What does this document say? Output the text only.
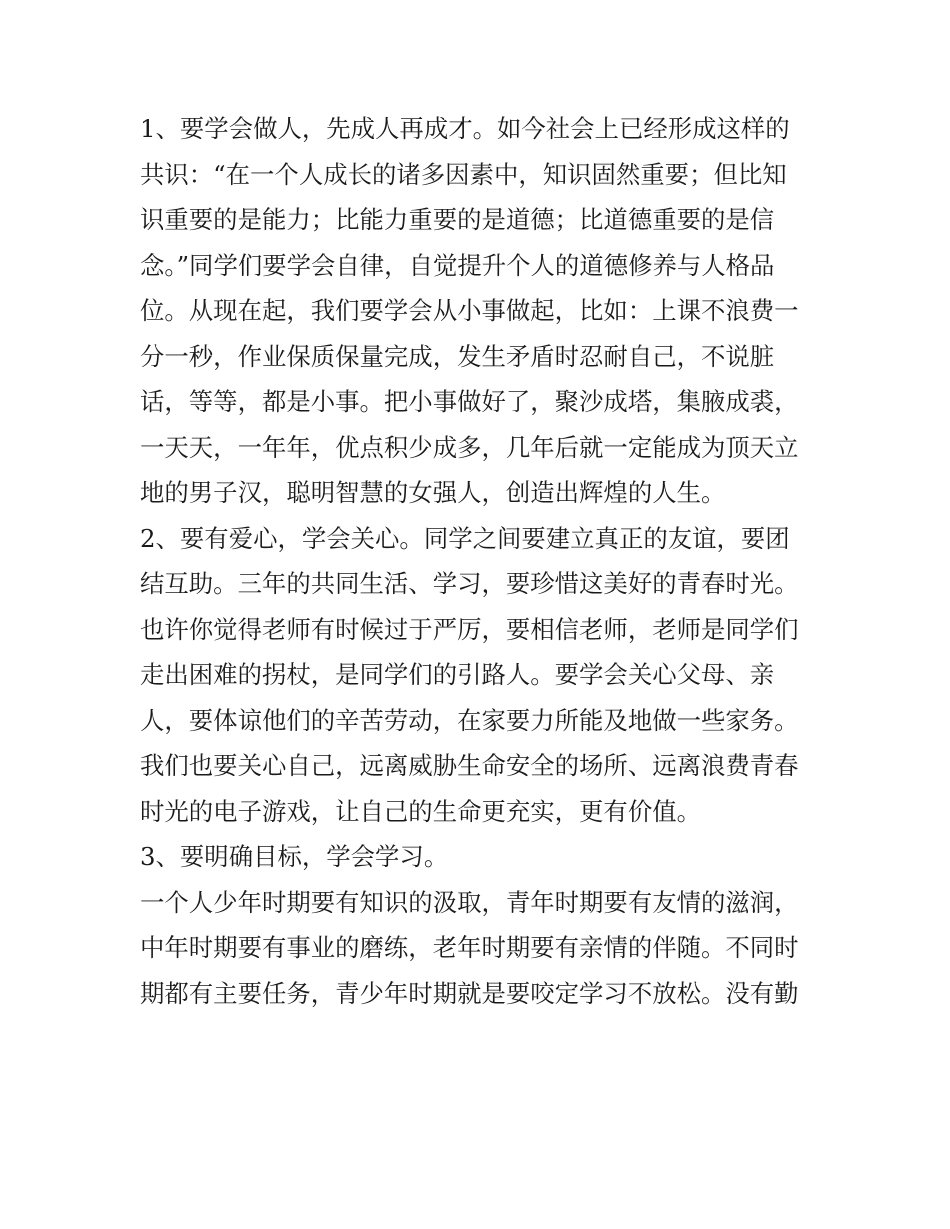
1、要学会做人，先成人再成才。如今社会上已经形成这样的
共识：“在一个人成长的诸多因素中，知识固然重要；但比知
识重要的是能力；比能力重要的是道德；比道德重要的是信
念。”同学们要学会自律，自觉提升个人的道德修养与人格品
位。从现在起，我们要学会从小事做起，比如：上课不浪费一
分一秒，作业保质保量完成，发生矛盾时忍耐自己，不说脏
话，等等，都是小事。把小事做好了，聚沙成塔，集腋成裘，
一天天，一年年，优点积少成多，几年后就一定能成为顶天立
地的男子汉，聪明智慧的女强人，创造出辉煌的人生。
2、要有爱心，学会关心。同学之间要建立真正的友谊，要团
结互助。三年的共同生活、学习，要珍惜这美好的青春时光。
也许你觉得老师有时候过于严厉，要相信老师，老师是同学们
走出困难的拐杖，是同学们的引路人。要学会关心父母、亲
人，要体谅他们的辛苦劳动，在家要力所能及地做一些家务。
我们也要关心自己，远离威胁生命安全的场所、远离浪费青春
时光的电子游戏，让自己的生命更充实，更有价值。
3、要明确目标，学会学习。
一个人少年时期要有知识的汲取，青年时期要有友情的滋润，
中年时期要有事业的磨练，老年时期要有亲情的伴随。不同时
期都有主要任务，青少年时期就是要咬定学习不放松。没有勤
